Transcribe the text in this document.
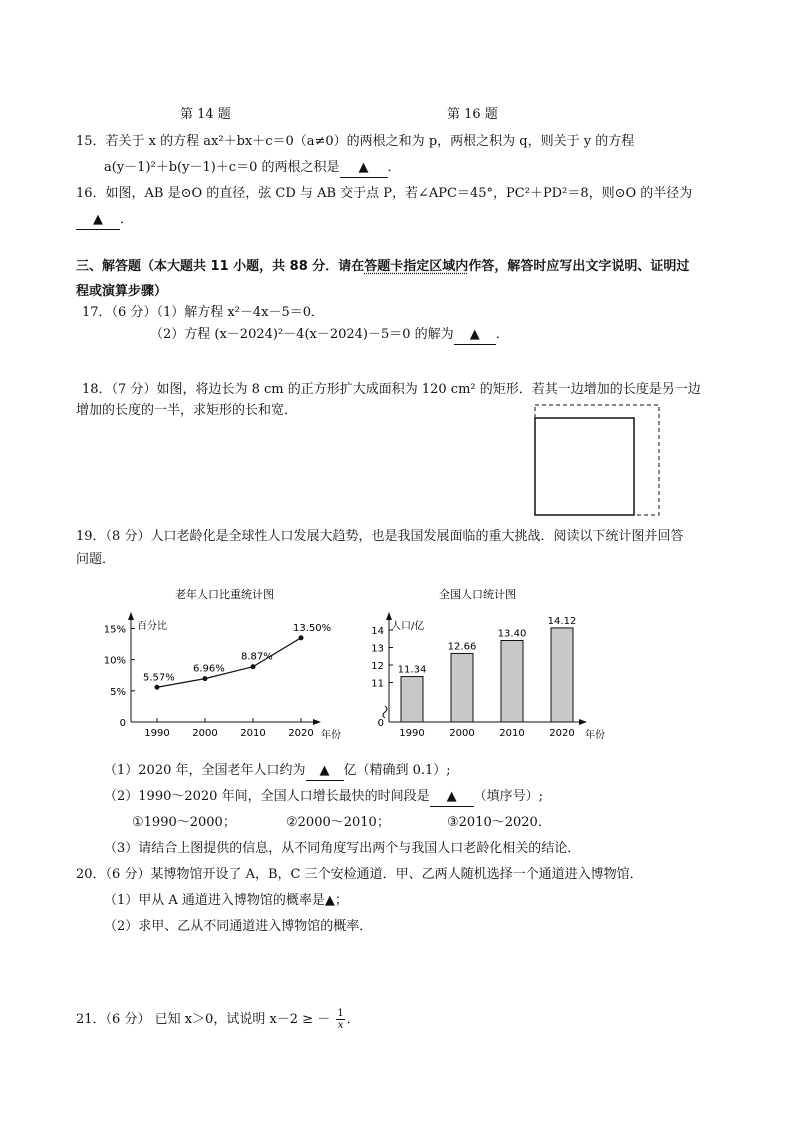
第 14 题	第 16 题
15．若关于 x 的方程 ax²＋bx＋c＝0（a≠0）的两根之和为 p，两根之积为 q，则关于 y 的方程
a(y－1)²＋b(y－1)＋c＝0 的两根之积是 ▲ ．
16．如图，AB 是⊙O 的直径，弦 CD 与 AB 交于点 P，若∠APC＝45°，PC²＋PD²＝8，则⊙O 的半径为
▲ ．
三、解答题（本大题共 11 小题，共 88 分．请在答题卡指定区域内作答，解答时应写出文字说明、证明过
程或演算步骤）
17．（6 分）（1）解方程 x²－4x－5＝0．
（2）方程 (x－2024)²－4(x－2024)－5＝0 的解为 ▲ ．
18．（7 分）如图，将边长为 8 cm 的正方形扩大成面积为 120 cm² 的矩形．若其一边增加的长度是另一边
增加的长度的一半，求矩形的长和宽．
19．（8 分）人口老龄化是全球性人口发展大趋势，也是我国发展面临的重大挑战．阅读以下统计图并回答
问题．
老年人口比重统计图
百分比
年份
0
5%
10%
15%
1990 2000 2010 2020
5.57%
6.96%
8.87%
13.50%
全国人口统计图
人口/亿
年份
0
11
12
13
14
11.34
1990
12.66
2000
13.40
2010
14.12
2020
（1）2020 年，全国老年人口约为 ▲ 亿（精确到 0.1）;
（2）1990～2020 年间，全国人口增长最快的时间段是 ▲ （填序号）;
①1990～2000；	②2000～2010；	③2010～2020．
（3）请结合上图提供的信息，从不同角度写出两个与我国人口老龄化相关的结论．
20．（6 分）某博物馆开设了 A，B，C 三个安检通道．甲、乙两人随机选择一个通道进入博物馆．
（1）甲从 A 通道进入博物馆的概率是▲；
（2）求甲、乙从不同通道进入博物馆的概率．
21．（6 分） 已知 x＞0，试说明 x－2 ≥ － $\frac{1}{x}$ ．
